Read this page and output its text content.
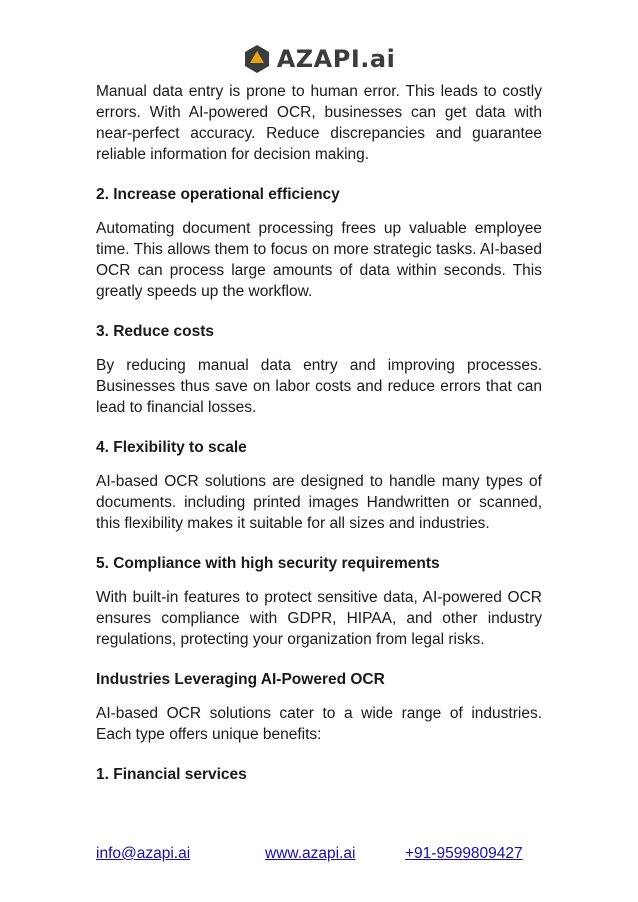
AZAPI.ai

Manual data entry is prone to human error. This leads to costly errors. With AI-powered OCR, businesses can get data with near-perfect accuracy. Reduce discrepancies and guarantee reliable information for decision making.

2. Increase operational efficiency

Automating document processing frees up valuable employee time. This allows them to focus on more strategic tasks. AI-based OCR can process large amounts of data within seconds. This greatly speeds up the workflow.

3. Reduce costs

By reducing manual data entry and improving processes. Businesses thus save on labor costs and reduce errors that can lead to financial losses.

4. Flexibility to scale

AI-based OCR solutions are designed to handle many types of documents. including printed images Handwritten or scanned, this flexibility makes it suitable for all sizes and industries.

5. Compliance with high security requirements

With built-in features to protect sensitive data, AI-powered OCR ensures compliance with GDPR, HIPAA, and other industry regulations, protecting your organization from legal risks.

Industries Leveraging AI-Powered OCR

AI-based OCR solutions cater to a wide range of industries. Each type offers unique benefits:

1. Financial services
info@azapi.ai	www.azapi.ai	+91-9599809427
